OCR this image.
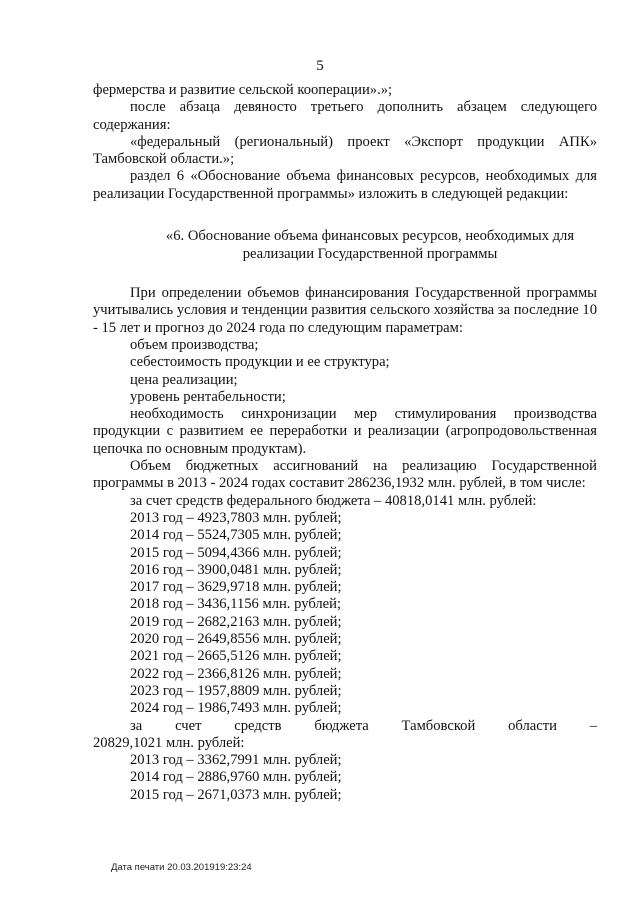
5

фермерства и развитие сельской кооперации».»;

после абзаца девяносто третьего дополнить абзацем следующего содержания:

«федеральный (региональный) проект «Экспорт продукции АПК» Тамбовской области.»;

раздел 6 «Обоснование объема финансовых ресурсов, необходимых для реализации Государственной программы» изложить в следующей редакции:

«6. Обоснование объема финансовых ресурсов, необходимых для
реализации Государственной программы

При определении объемов финансирования Государственной программы учитывались условия и тенденции развития сельского хозяйства за последние 10 - 15 лет и прогноз до 2024 года по следующим параметрам:

объем производства;

себестоимость продукции и ее структура;

цена реализации;

уровень рентабельности;

необходимость синхронизации мер стимулирования производства продукции с развитием ее переработки и реализации (агропродовольственная цепочка по основным продуктам).

Объем бюджетных ассигнований на реализацию Государственной программы в 2013 - 2024 годах составит 286236,1932 млн. рублей, в том числе:

за счет средств федерального бюджета – 40818,0141 млн. рублей:

2013 год – 4923,7803 млн. рублей;

2014 год – 5524,7305 млн. рублей;

2015 год – 5094,4366 млн. рублей;

2016 год – 3900,0481 млн. рублей;

2017 год – 3629,9718 млн. рублей;

2018 год – 3436,1156 млн. рублей;

2019 год – 2682,2163 млн. рублей;

2020 год – 2649,8556 млн. рублей;

2021 год – 2665,5126 млн. рублей;

2022 год – 2366,8126 млн. рублей;

2023 год – 1957,8809 млн. рублей;

2024 год – 1986,7493 млн. рублей;

за счет средств бюджета Тамбовской области –

20829,1021 млн. рублей:

2013 год – 3362,7991 млн. рублей;

2014 год – 2886,9760 млн. рублей;

2015 год – 2671,0373 млн. рублей;

Дата печати 20.03.201919:23:24
